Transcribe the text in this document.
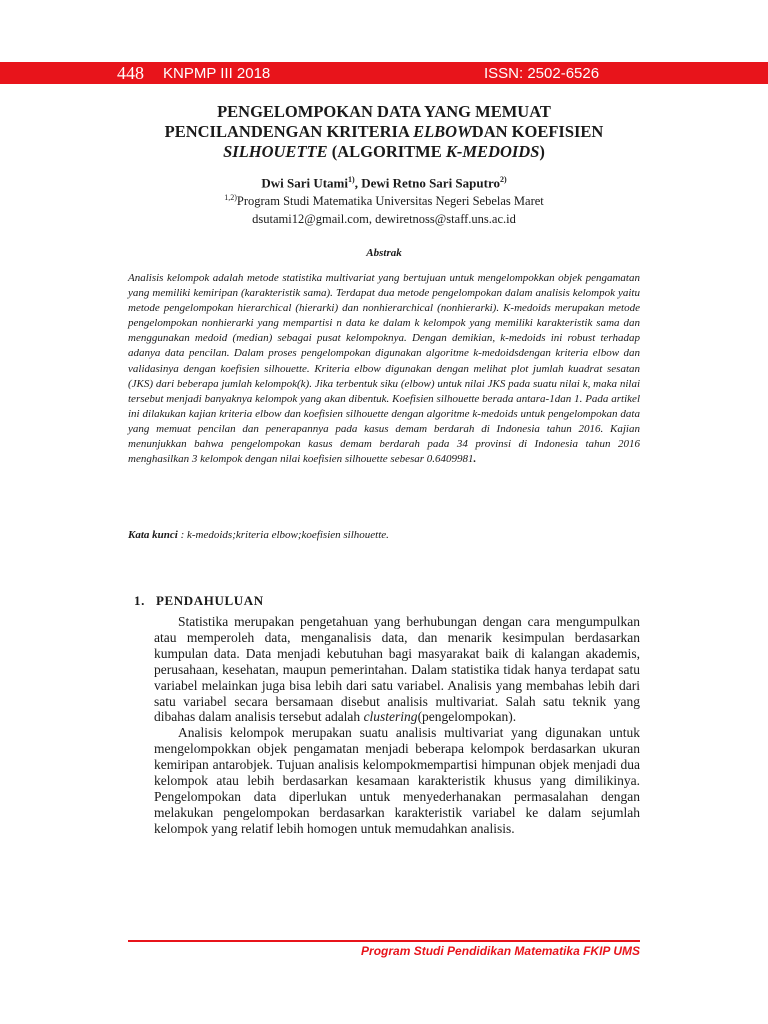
448 KNPMP III 2018	ISSN: 2502-6526
PENGELOMPOKAN DATA YANG MEMUAT
PENCILANDENGAN KRITERIA ELBOWDAN KOEFISIEN
SILHOUETTE (ALGORITME K-MEDOIDS)
Dwi Sari Utami$^{1)}$, Dewi Retno Sari Saputro$^{2)}$
$^{1,2)}$Program Studi Matematika Universitas Negeri Sebelas Maret
dsutami12@gmail.com, dewiretnoss@staff.uns.ac.id
Abstrak

Analisis kelompok adalah metode statistika multivariat yang bertujuan untuk mengelompokkan objek pengamatan yang memiliki kemiripan (karakteristik sama). Terdapat dua metode pengelompokan dalam analisis kelompok yaitu metode pengelompokan hierarchical (hierarki) dan nonhierarchical (nonhierarki). K-medoids merupakan metode pengelompokan nonhierarki yang mempartisi n data ke dalam k kelompok yang memiliki karakteristik sama dan menggunakan medoid (median) sebagai pusat kelompoknya. Dengan demikian, k-medoids ini robust terhadap adanya data pencilan. Dalam proses pengelompokan digunakan algoritme k-medoidsdengan kriteria elbow dan validasinya dengan koefisien silhouette. Kriteria elbow digunakan dengan melihat plot jumlah kuadrat sesatan (JKS) dari beberapa jumlah kelompok(k). Jika terbentuk siku (elbow) untuk nilai JKS pada suatu nilai k, maka nilai tersebut menjadi banyaknya kelompok yang akan dibentuk. Koefisien silhouette berada antara-1dan 1. Pada artikel ini dilakukan kajian kriteria elbow dan koefisien silhouette dengan algoritme k-medoids untuk pengelompokan data yang memuat pencilan dan penerapannya pada kasus demam berdarah di Indonesia tahun 2016. Kajian menunjukkan bahwa pengelompokan kasus demam berdarah pada 34 provinsi di Indonesia tahun 2016 menghasilkan 3 kelompok dengan nilai koefisien silhouette sebesar 0.6409981.

Kata kunci : k-medoids;kriteria elbow;koefisien silhouette.
1. PENDAHULUAN

Statistika merupakan pengetahuan yang berhubungan dengan cara mengumpulkan atau memperoleh data, menganalisis data, dan menarik kesimpulan berdasarkan kumpulan data. Data menjadi kebutuhan bagi masyarakat baik di kalangan akademis, perusahaan, kesehatan, maupun pemerintahan. Dalam statistika tidak hanya terdapat satu variabel melainkan juga bisa lebih dari satu variabel. Analisis yang membahas lebih dari satu variabel secara bersamaan disebut analisis multivariat. Salah satu teknik yang dibahas dalam analisis tersebut adalah clustering(pengelompokan).

Analisis kelompok merupakan suatu analisis multivariat yang digunakan untuk mengelompokkan objek pengamatan menjadi beberapa kelompok berdasarkan ukuran kemiripan antarobjek. Tujuan analisis kelompokmempartisi himpunan objek menjadi dua kelompok atau lebih berdasarkan kesamaan karakteristik khusus yang dimilikinya. Pengelompokan data diperlukan untuk menyederhanakan permasalahan dengan melakukan pengelompokan berdasarkan karakteristik variabel ke dalam sejumlah kelompok yang relatif lebih homogen untuk memudahkan analisis.

Program Studi Pendidikan Matematika FKIP UMS
